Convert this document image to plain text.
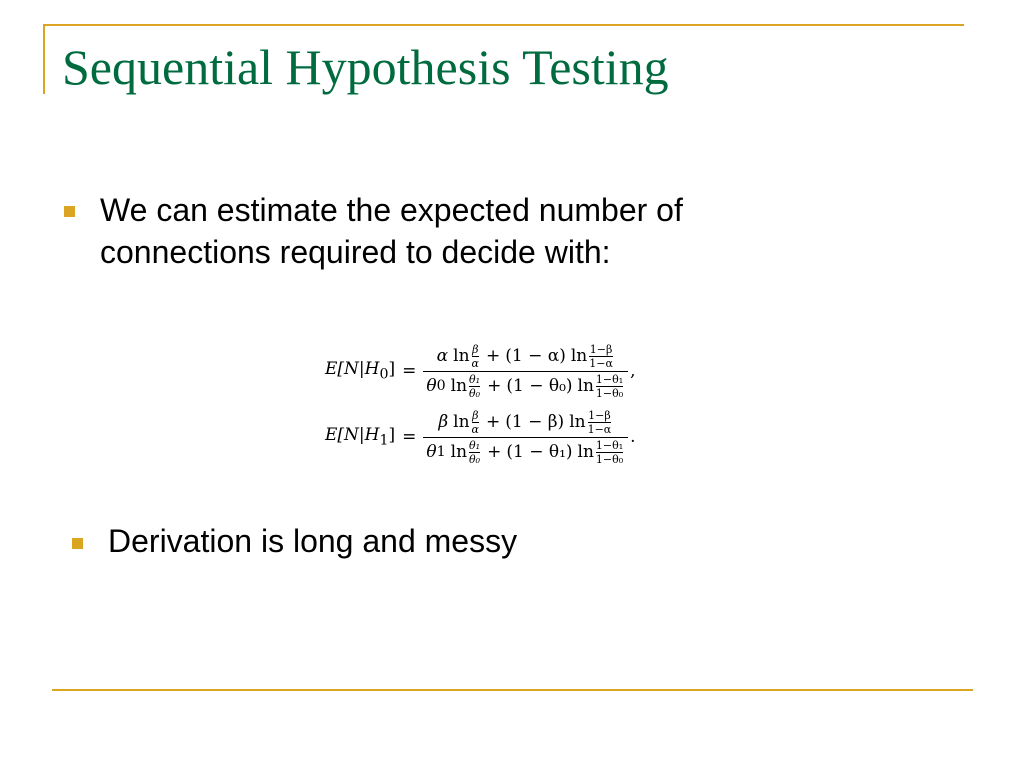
Sequential Hypothesis Testing
We can estimate the expected number of connections required to decide with:
$E[N|H_0]$ =
α ln β
α + (1 − α) ln 1−β
1−α
θ 0 ln θ₁
θ₀ + (1 − θ₀) ln 1−θ₁
1−θ₀
,
$E[N|H_1]$ =
β ln β
α + (1 − β) ln 1−β
1−α
θ 1 ln θ₁
θ₀ + (1 − θ₁) ln 1−θ₁
1−θ₀
.
Derivation is long and messy
